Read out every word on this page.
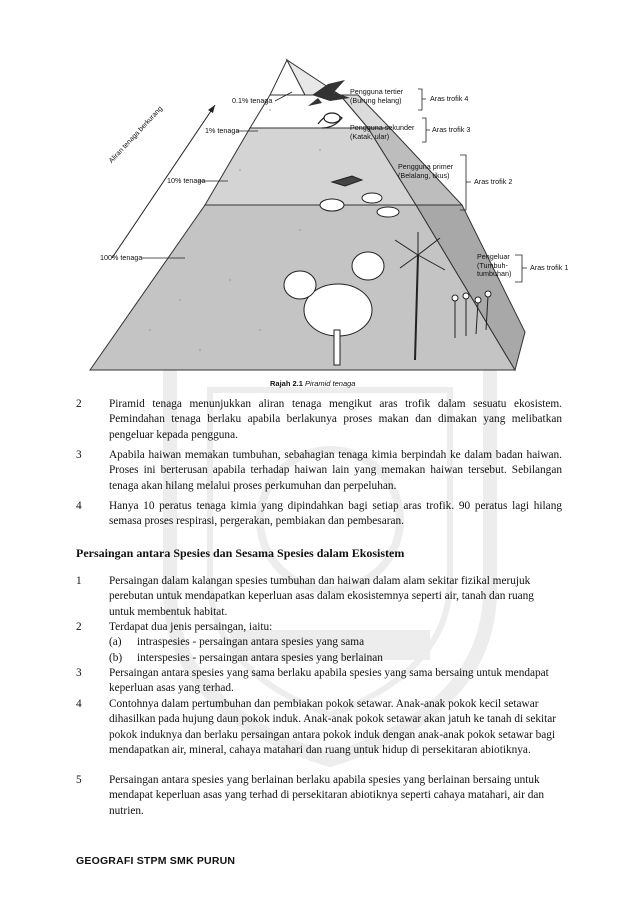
Aliran tenaga berkurang
0.1% tenaga
1% tenaga
10% tenaga
100% tenaga
Pengguna tertier
(Burung helang)
Pengguna sekunder
(Katak, ular)
Pengguna primer
(Belalang, tikus)
Pengeluar
(Tumbuh-
tumbuhan)
Aras trofik 4
Aras trofik 3
Aras trofik 2
Aras trofik 1
Rajah 2.1 Piramid tenaga
2	Piramid tenaga menunjukkan aliran tenaga mengikut aras trofik dalam sesuatu ekosistem. Pemindahan tenaga berlaku apabila berlakunya proses makan dan dimakan yang melibatkan pengeluar kepada pengguna.
3	Apabila haiwan memakan tumbuhan, sebahagian tenaga kimia berpindah ke dalam badan haiwan. Proses ini berterusan apabila terhadap haiwan lain yang memakan haiwan tersebut. Sebilangan tenaga akan hilang melalui proses perkumuhan dan perpeluhan.
4	Hanya 10 peratus tenaga kimia yang dipindahkan bagi setiap aras trofik. 90 peratus lagi hilang semasa proses respirasi, pergerakan, pembiakan dan pembesaran.
Persaingan antara Spesies dan Sesama Spesies dalam Ekosistem
1	Persaingan dalam kalangan spesies tumbuhan dan haiwan dalam alam sekitar fizikal merujuk perebutan untuk mendapatkan keperluan asas dalam ekosistemnya seperti air, tanah dan ruang untuk membentuk habitat.
2	Terdapat dua jenis persaingan, iaitu:
(a)	intraspesies - persaingan antara spesies yang sama
(b)	interspesies - persaingan antara spesies yang berlainan
3	Persaingan antara spesies yang sama berlaku apabila spesies yang sama bersaing untuk mendapat keperluan asas yang terhad.
4	Contohnya dalam pertumbuhan dan pembiakan pokok setawar. Anak-anak pokok kecil setawar dihasilkan pada hujung daun pokok induk. Anak-anak pokok setawar akan jatuh ke tanah di sekitar pokok induknya dan berlaku persaingan antara pokok induk dengan anak-anak pokok setawar bagi mendapatkan air, mineral, cahaya matahari dan ruang untuk hidup di persekitaran abiotiknya.
5	Persaingan antara spesies yang berlainan berlaku apabila spesies yang berlainan bersaing untuk mendapat keperluan asas yang terhad di persekitaran abiotiknya seperti cahaya matahari, air dan nutrien.
GEOGRAFI STPM SMK PURUN
